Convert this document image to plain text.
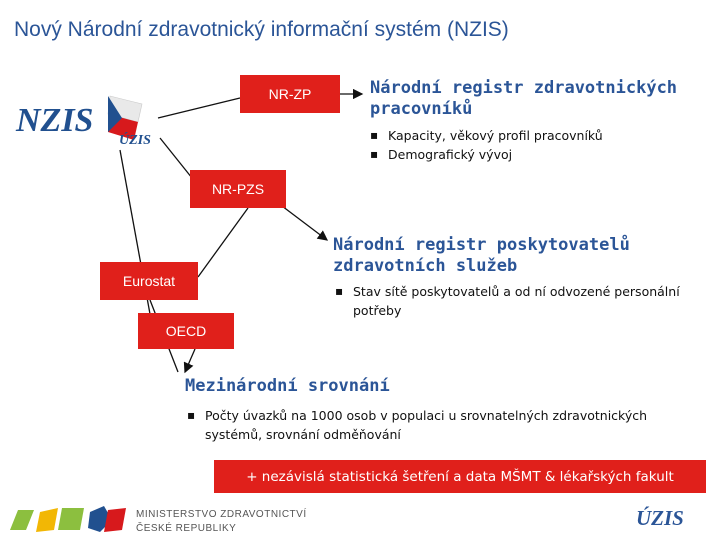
Nový Národní zdravotnický informační systém (NZIS)
NZIS
ÚZIS
NR-ZP
NR-PZS
Eurostat
OECD
Národní registr zdravotnických pracovníků
▪ Kapacity, věkový profil pracovníků
▪ Demografický vývoj
Národní registr poskytovatelů zdravotních služeb
▪ Stav sítě poskytovatelů a od ní odvozené personální potřeby
Mezinárodní srovnání
▪ Počty úvazků na 1000 osob v populaci u srovnatelných zdravotnických systémů, srovnání odměňování
+ nezávislá statistická šetření a data MŠMT & lékařských fakult
MINISTERSTVO ZDRAVOTNICTVÍ
ČESKÉ REPUBLIKY	ÚZIS
